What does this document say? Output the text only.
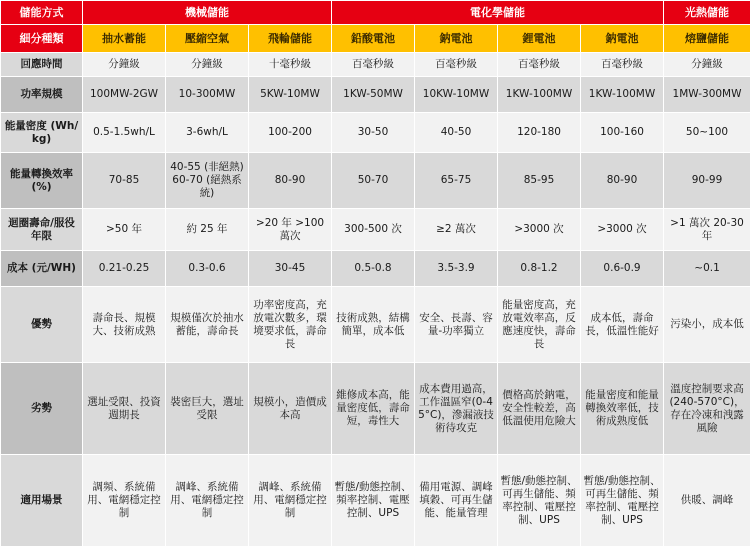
儲能方式	機械儲能			電化學儲能				光熱儲能
細分種類	抽水蓄能	壓縮空氣	飛輪儲能	鉛酸電池	鈉電池	鋰電池	鈉電池	熔鹽儲能
回應時間	分鐘級	分鐘級	十毫秒級	百毫秒級	百毫秒級	百毫秒級	百毫秒級	分鐘級
功率規模	100MW-2GW	10-300MW	5KW-10MW	1KW-50MW	10KW-10MW	1KW-100MW	1KW-100MW	1MW-300MW
能量密度 (Wh/kg)	0.5-1.5wh/L	3-6wh/L	100-200	30-50	40-50	120-180	100-160	50~100
能量轉換效率 (%)	70-85	40-55 (非絕熱) 60-70 (絕熱系統)	80-90	50-70	65-75	85-95	80-90	90-99
迴圈壽命/服役年限	>50 年	約 25 年	>20 年 >100 萬次	300-500 次	≥2 萬次	>3000 次	>3000 次	>1 萬次 20-30 年
成本 (元/WH)	0.21-0.25	0.3-0.6	30-45	0.5-0.8	3.5-3.9	0.8-1.2	0.6-0.9	~0.1
優勢	壽命長、規模大、技術成熟	規模僅次於抽水蓄能，壽命長	功率密度高，充放電次數多，環境要求低，壽命長	技術成熟，結構簡單，成本低	安全、長壽、容量-功率獨立	能量密度高，充放電效率高，反應速度快，壽命長	成本低，壽命長，低溫性能好	污染小，成本低
劣勢	選址受限、投資週期長	裝密巨大，選址受限	規模小，造價成本高	維修成本高，能量密度低，壽命短，毒性大	成本費用過高，工作溫區窄(0-45°C)，滲漏液技術待攻克	價格高於鈉電，安全性較差，高低溫使用危險大	能量密度和能量轉換效率低，技術成熟度低	溫度控制要求高(240-570°C)，存在冷凍和洩露風險
適用場景	調頻、系統備用、電網穩定控制	調峰、系統備用、電網穩定控制	調峰、系統備用、電網穩定控制	暫態/動態控制、頻率控制、電壓控制、UPS	備用電源、調峰填穀、可再生儲能、能量管理	暫態/動態控制、可再生儲能、頻率控制、電壓控制、UPS	暫態/動態控制、可再生儲能、頻率控制、電壓控制、UPS	供暖、調峰
